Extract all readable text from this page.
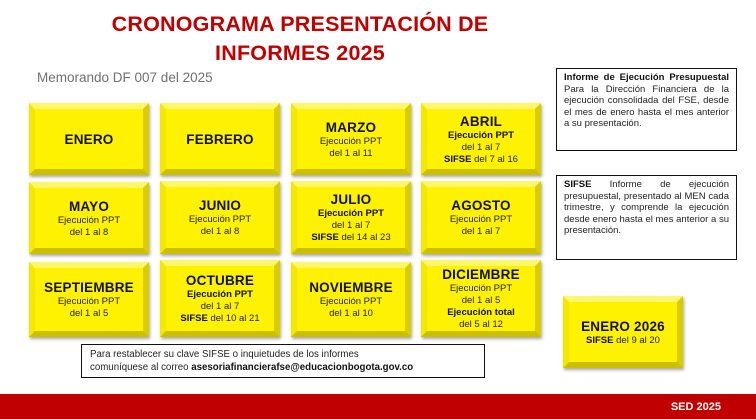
CRONOGRAMA PRESENTACIÓN DE
INFORMES 2025
Memorando DF 007 del 2025
ENERO	FEBRERO
MARZO
Ejecución PPT
del 1 al 11
ABRIL
Ejecución PPT
del 1 al 7
SIFSE del 7 al 16
MAYO
Ejecución PPT
del 1 al 8
JUNIO
Ejecución PPT
del 1 al 8
JULIO
Ejecución PPT
del 1 al 7
SIFSE del 14 al 23
AGOSTO
Ejecución PPT
del 1 al 7
SEPTIEMBRE
Ejecución PPT
del 1 al 5
OCTUBRE
Ejecución PPT
del 1 al 7
SIFSE del 10 al 21
NOVIEMBRE
Ejecución PPT
del 1 al 10
DICIEMBRE
Ejecución PPT
del 1 al 5
Ejecución total
del 5 al 12	ENERO 2026
SIFSE del 9 al 20
Informe de Ejecución Presupuestal Para la Dirección Financiera de la ejecución consolidada del FSE, desde el mes de enero hasta el mes anterior a su presentación.
SIFSE Informe de ejecución presupuestal, presentado al MEN cada trimestre, y comprende la ejecución desde enero hasta el mes anterior a su presentación.
Para restablecer su clave SIFSE o inquietudes de los informes
comuníquese al correo asesoriafinancierafse@educacionbogota.gov.co
SED 2025
